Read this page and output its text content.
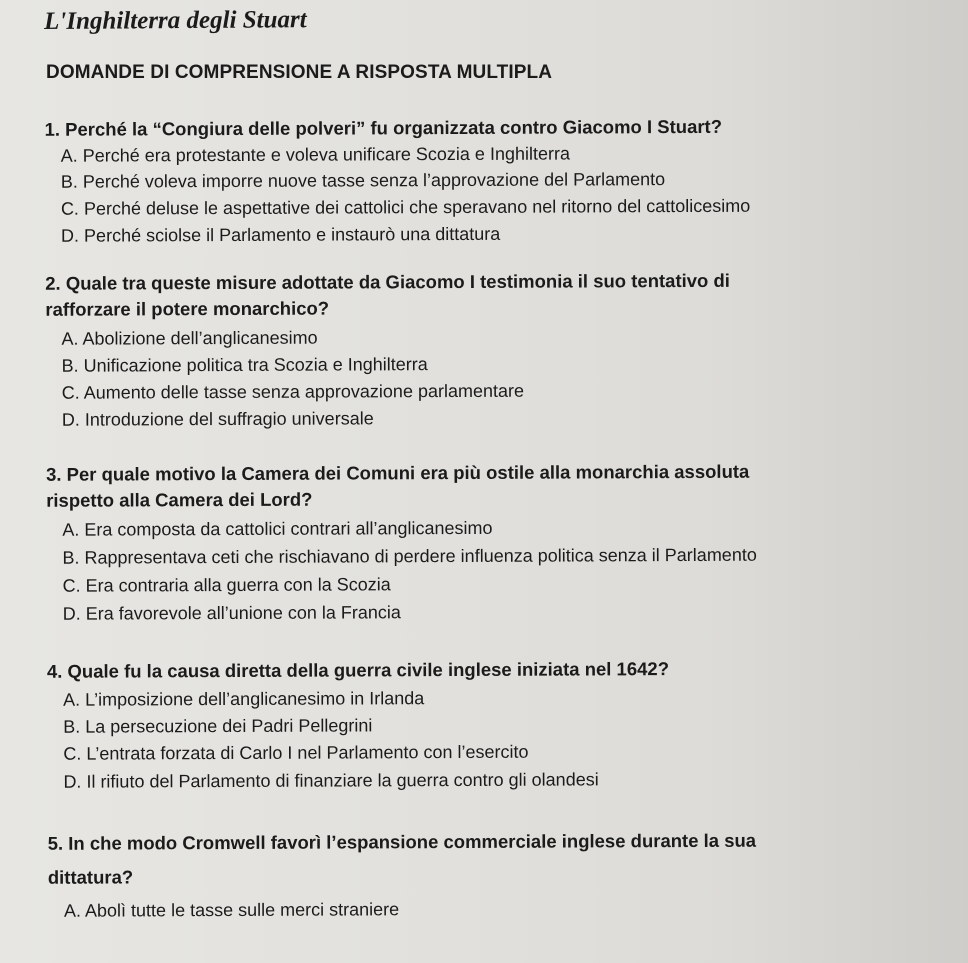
L'Inghilterra degli Stuart
DOMANDE DI COMPRENSIONE A RISPOSTA MULTIPLA
1. Perché la “Congiura delle polveri” fu organizzata contro Giacomo I Stuart?
A. Perché era protestante e voleva unificare Scozia e Inghilterra
B. Perché voleva imporre nuove tasse senza l’approvazione del Parlamento
C. Perché deluse le aspettative dei cattolici che speravano nel ritorno del cattolicesimo
D. Perché sciolse il Parlamento e instaurò una dittatura
2. Quale tra queste misure adottate da Giacomo I testimonia il suo tentativo di
rafforzare il potere monarchico?
A. Abolizione dell’anglicanesimo
B. Unificazione politica tra Scozia e Inghilterra
C. Aumento delle tasse senza approvazione parlamentare
D. Introduzione del suffragio universale
3. Per quale motivo la Camera dei Comuni era più ostile alla monarchia assoluta
rispetto alla Camera dei Lord?
A. Era composta da cattolici contrari all’anglicanesimo
B. Rappresentava ceti che rischiavano di perdere influenza politica senza il Parlamento
C. Era contraria alla guerra con la Scozia
D. Era favorevole all’unione con la Francia
4. Quale fu la causa diretta della guerra civile inglese iniziata nel 1642?
A. L’imposizione dell’anglicanesimo in Irlanda
B. La persecuzione dei Padri Pellegrini
C. L’entrata forzata di Carlo I nel Parlamento con l’esercito
D. Il rifiuto del Parlamento di finanziare la guerra contro gli olandesi
5. In che modo Cromwell favorì l’espansione commerciale inglese durante la sua
dittatura?
A. Abolì tutte le tasse sulle merci straniere
